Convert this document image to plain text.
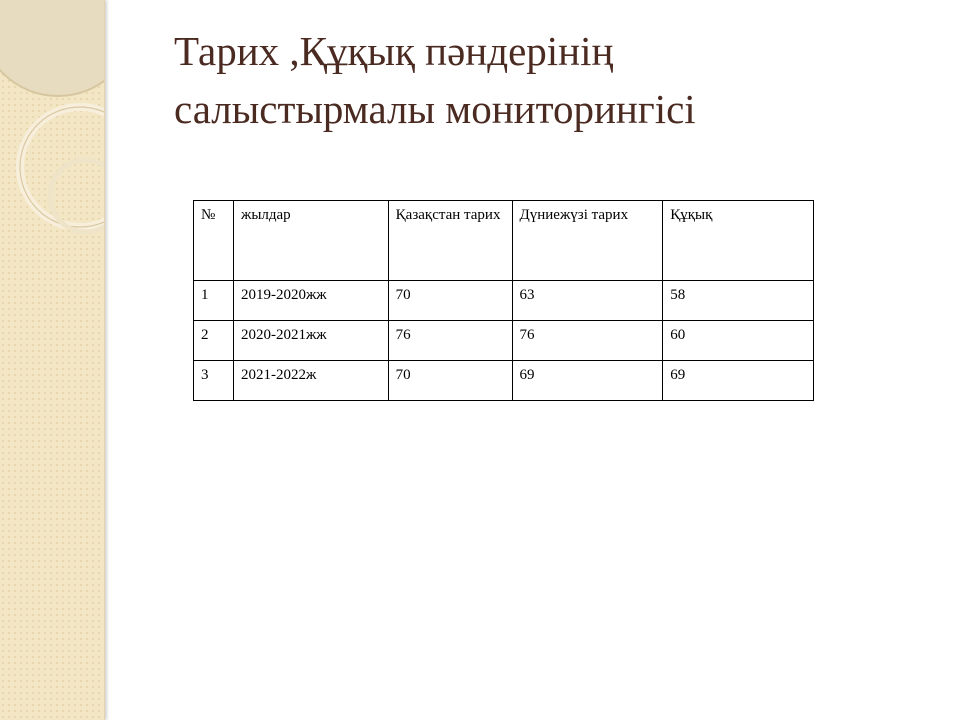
Тарих ,Құқық пәндерінің
салыстырмалы мониторингісі
№	жылдар	Қазақстан тарих	Дүниежүзі тарих	Құқық
1	2019-2020жж	70	63	58
2	2020-2021жж	76	76	60
3	2021-2022ж	70	69	69
